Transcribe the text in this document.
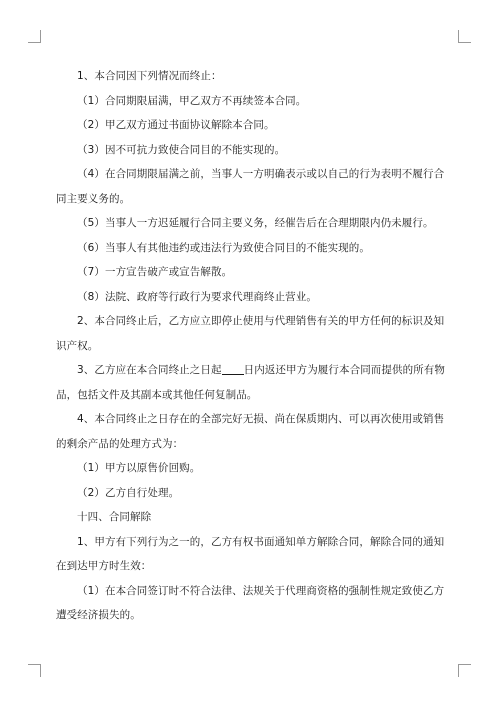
1、本合同因下列情况而终止：

（1）合同期限届满，甲乙双方不再续签本合同。

（2）甲乙双方通过书面协议解除本合同。

（3）因不可抗力致使合同目的不能实现的。

（4）在合同期限届满之前，当事人一方明确表示或以自己的行为表明不履行合同主要义务的。

（5）当事人一方迟延履行合同主要义务，经催告后在合理期限内仍未履行。

（6）当事人有其他违约或违法行为致使合同目的不能实现的。

（7）一方宣告破产或宣告解散。

（8）法院、政府等行政行为要求代理商终止营业。

2、本合同终止后，乙方应立即停止使用与代理销售有关的甲方任何的标识及知识产权。

3、乙方应在本合同终止之日起 日内返还甲方为履行本合同而提供的所有物品，包括文件及其副本或其他任何复制品。

4、本合同终止之日存在的全部完好无损、尚在保质期内、可以再次使用或销售的剩余产品的处理方式为：

（1）甲方以原售价回购。

（2）乙方自行处理。

十四、合同解除

1、甲方有下列行为之一的，乙方有权书面通知单方解除合同，解除合同的通知在到达甲方时生效：

（1）在本合同签订时不符合法律、法规关于代理商资格的强制性规定致使乙方遭受经济损失的。
